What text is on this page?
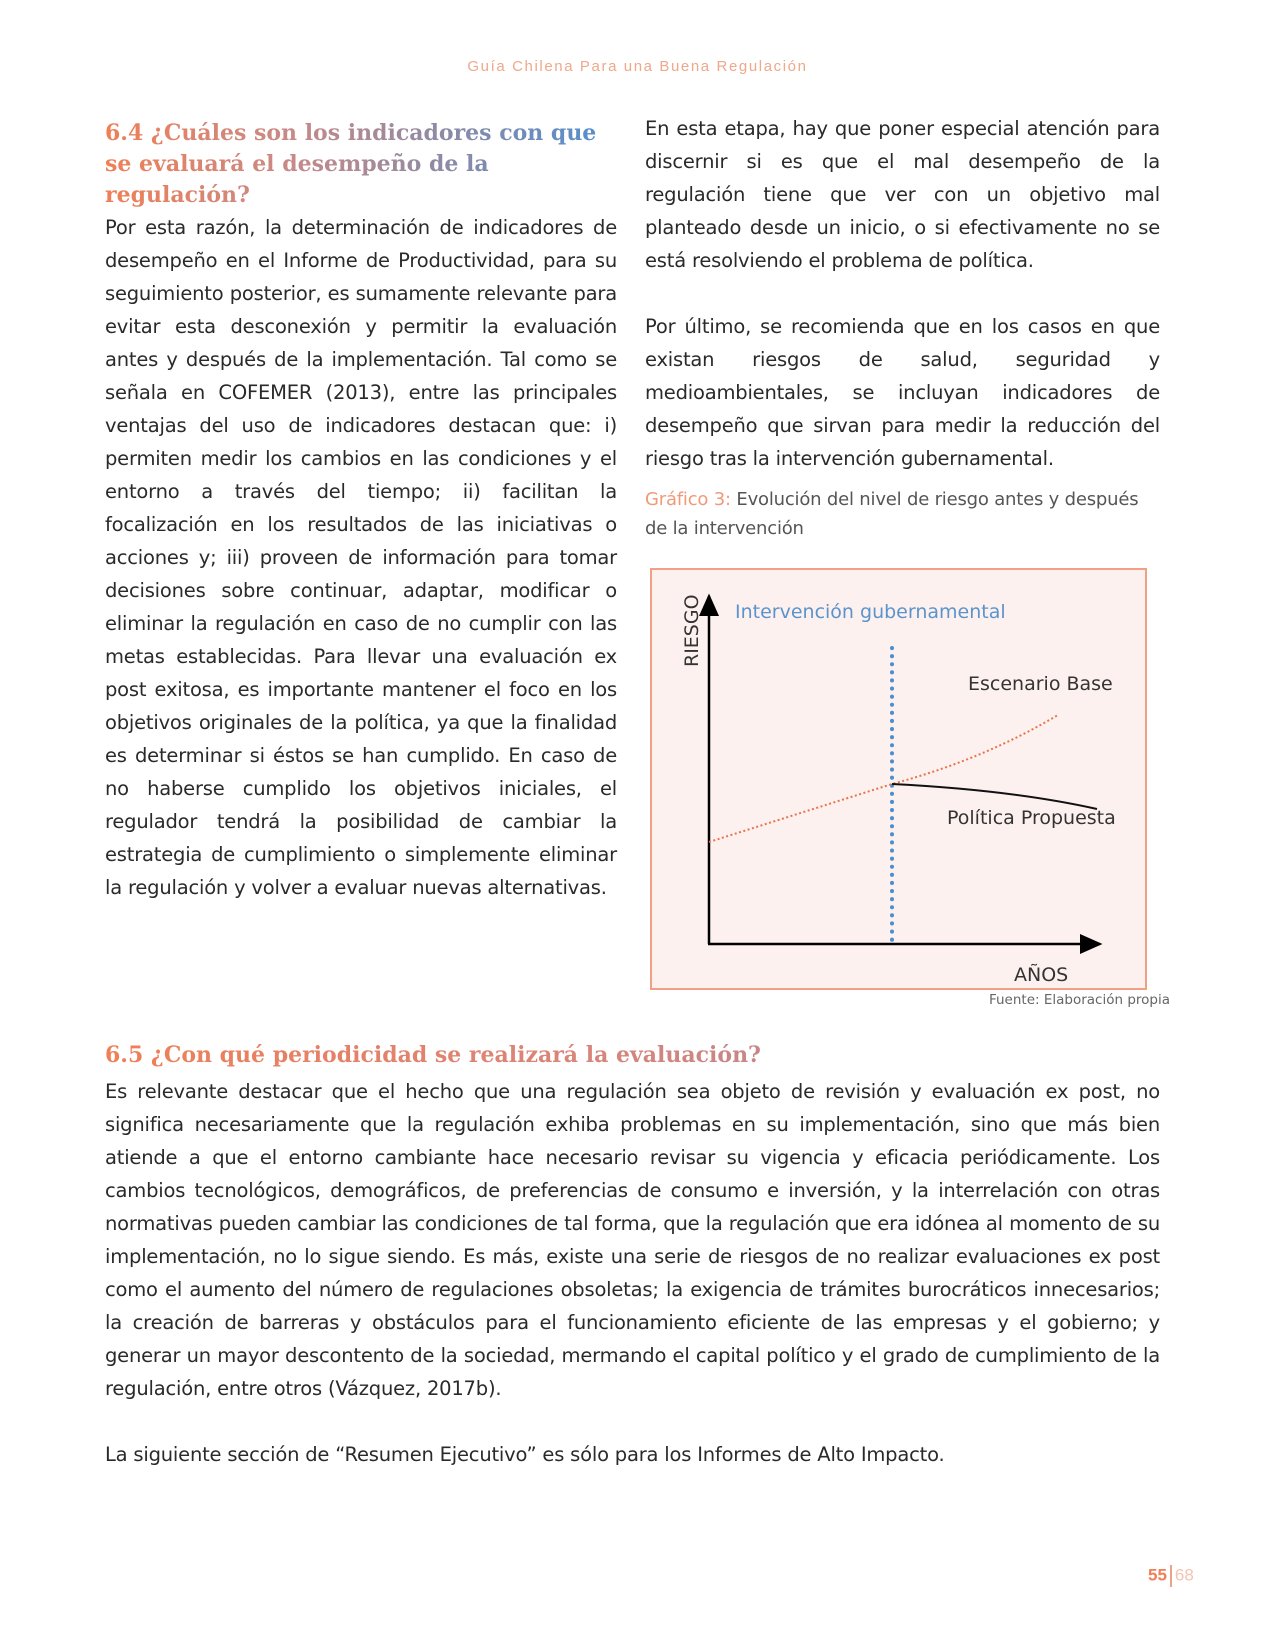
Guía Chilena Para una Buena Regulación
6.4 ¿Cuáles son los indicadores con que se evaluará el desempeño de la regulación?

Por esta razón, la determinación de indicadores de desempeño en el Informe de Productividad, para su seguimiento posterior, es sumamente relevante para evitar esta desconexión y permitir la evaluación antes y después de la implementación. Tal como se señala en COFEMER (2013), entre las principales ventajas del uso de indicadores destacan que: i) permiten medir los cambios en las condiciones y el entorno a través del tiempo; ii) facilitan la focalización en los resultados de las iniciativas o acciones y; iii) proveen de información para tomar decisiones sobre continuar, adaptar, modificar o eliminar la regulación en caso de no cumplir con las metas establecidas. Para llevar una evaluación ex post exitosa, es importante mantener el foco en los objetivos originales de la política, ya que la finalidad es determinar si éstos se han cumplido. En caso de no haberse cumplido los objetivos iniciales, el regulador tendrá la posibilidad de cambiar la estrategia de cumplimiento o simplemente eliminar la regulación y volver a evaluar nuevas alternativas.

En esta etapa, hay que poner especial atención para discernir si es que el mal desempeño de la regulación tiene que ver con un objetivo mal planteado desde un inicio, o si efectivamente no se está resolviendo el problema de política.

Por último, se recomienda que en los casos en que existan riesgos de salud, seguridad y medioambientales, se incluyan indicadores de desempeño que sirvan para medir la reducción del riesgo tras la intervención gubernamental.

Gráfico 3: Evolución del nivel de riesgo antes y después de la intervención

Intervención gubernamental
Escenario Base
Política Propuesta
RIESGO
AÑOS
Fuente: Elaboración propia
6.5 ¿Con qué periodicidad se realizará la evaluación?

Es relevante destacar que el hecho que una regulación sea objeto de revisión y evaluación ex post, no significa necesariamente que la regulación exhiba problemas en su implementación, sino que más bien atiende a que el entorno cambiante hace necesario revisar su vigencia y eficacia periódicamente. Los cambios tecnológicos, demográficos, de preferencias de consumo e inversión, y la interrelación con otras normativas pueden cambiar las condiciones de tal forma, que la regulación que era idónea al momento de su implementación, no lo sigue siendo. Es más, existe una serie de riesgos de no realizar evaluaciones ex post como el aumento del número de regulaciones obsoletas; la exigencia de trámites burocráticos innecesarios; la creación de barreras y obstáculos para el funcionamiento eficiente de las empresas y el gobierno; y generar un mayor descontento de la sociedad, mermando el capital político y el grado de cumplimiento de la regulación, entre otros (Vázquez, 2017b).

La siguiente sección de “Resumen Ejecutivo” es sólo para los Informes de Alto Impacto.

55 68
